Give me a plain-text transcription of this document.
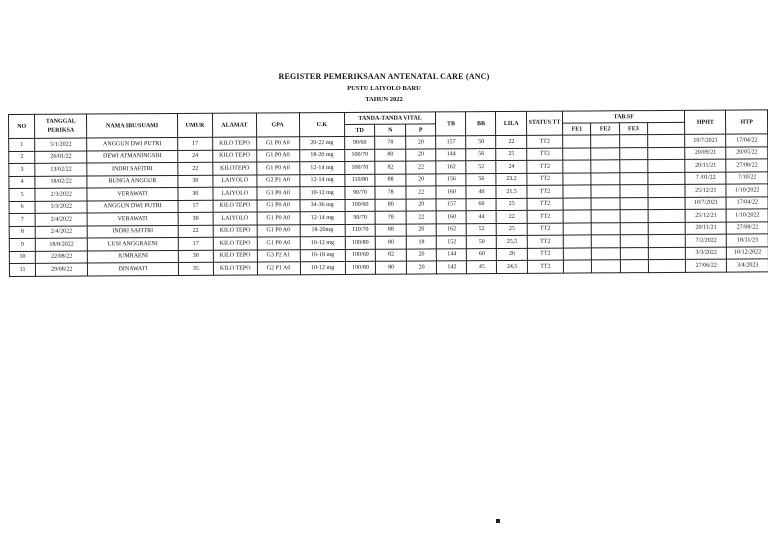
REGISTER PEMERIKSAAN ANTENATAL CARE (ANC)
PUSTU LAIYOLO BARU
TAHUN 2022
NO	TANGGAL PERIKSA	NAMA IBU/SUAMI	UMUR	ALAMAT	GPA	U.K	TANDA-TANDA VITAL			TB	BB	LILA	STATUS TT	TAB.SF				HPHT	HTP
							TD	N	P					FE1	FE2	FE3			
1	5/1/2022	ANGGUN DWI PUTRI	17	KILO TEPO	G1 P0 A0	20-22 mg	90/60	78	20	157	50	22	TT2					10/7/2021	17/04/22
2	26/01/22	DEWI ATMANINGSIH	24	KILO TEPO	G1 P0 A0	18-20 mg	100/70	80	20	144	56	25	TT2					20/09/21	20/05/22
3	13/02/22	INDRI SAFITRI	22	KILOTEPO	G1 P0 A0	12-14 mg	100/70	82	22	162	52	24	TT2					20/11/21	27/08/22
4	18/02/22	BUNGA ANGGUR	30	LAIYOLO	G2 P1 A0	12-14 mg	110/80	88	20	156	56	23,2	TT2					7 /01/22	7/10/22
5	2/3/2022	VERAWATI	30	LAIYOLO	G1 P0 A0	10-12 mg	90/70	78	22	160	40	21,5	TT2					25/12/21	1/10/2022
6	5/3/2022	ANGGUN DWI PUTRI	17	KILO TEPO	G1 P0 A0	34-36 mg	100/60	80	20	157	60	25	TT2					10/7/2021	17/04/22
7	2/4/2022	VERAWATI	30	LAIYOLO	G1 P0 A0	12-14 mg	90/70	78	22	160	44	22	TT2					25/12/21	1/10/2022
8	2/4/2022	INDRI SAFITRI	22	KILO TEPO	G1 P0 A0	18-20mg	110/70	88	20	162	52	25	TT2					20/11/21	27/08/22
9	18/8/2022	LUSI ANGGRAENI	17	KILO TEPO	G1 P0 A0	10-12 mg	100/80	80	18	152	50	25,5	TT2					7/2/2022	18/11/23
10	22/08/22	JUMRAENI	30	KILO TEPO	G3 P2 A1	16-18 mg	100/60	82	20	144	60	26	TT2					3/3/2022	10/12/2022
11	29/08/22	DINAWATI	35	KILO TEPO	G2 P1 A0	10-12 mg	100/80	80	20	142	45	24,5	TT2					27/06/22	3/4/2023
